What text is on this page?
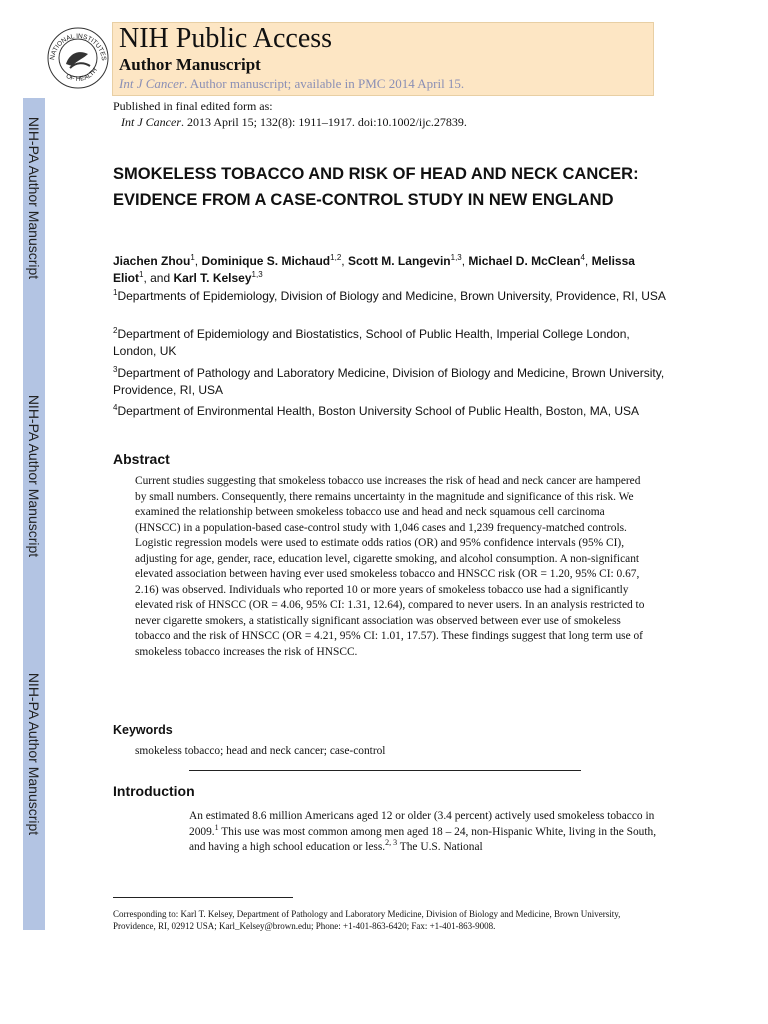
NIH-PA Author Manuscript
NIH-PA Author Manuscript
NIH-PA Author Manuscript
NATIONAL INSTITUTES
OF HEALTH
NIH Public Access
Author Manuscript
Int J Cancer. Author manuscript; available in PMC 2014 April 15.
Published in final edited form as:
Int J Cancer. 2013 April 15; 132(8): 1911–1917. doi:10.1002/ijc.27839.
SMOKELESS TOBACCO AND RISK OF HEAD AND NECK CANCER: EVIDENCE FROM A CASE-CONTROL STUDY IN NEW ENGLAND
Jiachen Zhou$^1$, Dominique S. Michaud$^{1,2}$, Scott M. Langevin$^{1,3}$, Michael D. McClean$^4$, Melissa Eliot$^1$, and Karl T. Kelsey$^{1,3}$
$^1$Departments of Epidemiology, Division of Biology and Medicine, Brown University, Providence, RI, USA
$^2$Department of Epidemiology and Biostatistics, School of Public Health, Imperial College London, London, UK
$^3$Department of Pathology and Laboratory Medicine, Division of Biology and Medicine, Brown University, Providence, RI, USA
$^4$Department of Environmental Health, Boston University School of Public Health, Boston, MA, USA
Abstract
Current studies suggesting that smokeless tobacco use increases the risk of head and neck cancer are hampered by small numbers. Consequently, there remains uncertainty in the magnitude and significance of this risk. We examined the relationship between smokeless tobacco use and head and neck squamous cell carcinoma (HNSCC) in a population-based case-control study with 1,046 cases and 1,239 frequency-matched controls. Logistic regression models were used to estimate odds ratios (OR) and 95% confidence intervals (95% CI), adjusting for age, gender, race, education level, cigarette smoking, and alcohol consumption. A non-significant elevated association between having ever used smokeless tobacco and HNSCC risk (OR = 1.20, 95% CI: 0.67, 2.16) was observed. Individuals who reported 10 or more years of smokeless tobacco use had a significantly elevated risk of HNSCC (OR = 4.06, 95% CI: 1.31, 12.64), compared to never users. In an analysis restricted to never cigarette smokers, a statistically significant association was observed between ever use of smokeless tobacco and the risk of HNSCC (OR = 4.21, 95% CI: 1.01, 17.57). These findings suggest that long term use of smokeless tobacco increases the risk of HNSCC.
Keywords
smokeless tobacco; head and neck cancer; case-control
Introduction
An estimated 8.6 million Americans aged 12 or older (3.4 percent) actively used smokeless tobacco in 2009.$^1$ This use was most common among men aged 18 – 24, non-Hispanic White, living in the South, and having a high school education or less.$^{2, 3}$ The U.S. National
Corresponding to: Karl T. Kelsey, Department of Pathology and Laboratory Medicine, Division of Biology and Medicine, Brown University, Providence, RI, 02912 USA; Karl_Kelsey@brown.edu; Phone: +1-401-863-6420; Fax: +1-401-863-9008.
